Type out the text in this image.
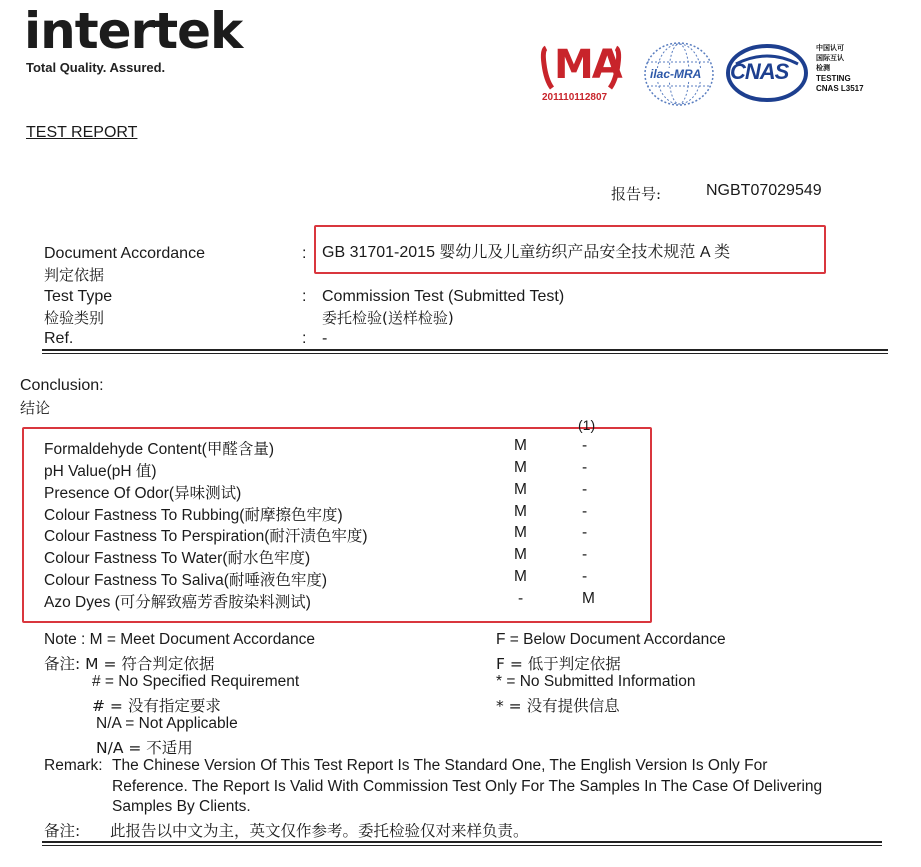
intertek
Total Quality. Assured.	MA
201110112807
ilac-MRA CNAS
中国认可
国际互认
检测
TESTING
CNAS L3517
TEST REPORT
报告号:	NGBT07029549
Document Accordance
判定依据
: GB 31701-2015 婴幼儿及儿童纺织产品安全技术规范 A 类
Test Type
检验类别
: Commission Test (Submitted Test)
委托检验(送样检验)
Ref.	: -
Conclusion:
结论
(1)
Formaldehyde Content(甲醛含量)	M	-
pH Value(pH 值)	M	-
Presence Of Odor(异味测试)	M	-
Colour Fastness To Rubbing(耐摩擦色牢度)	M	-
Colour Fastness To Perspiration(耐汗渍色牢度)	M	-
Colour Fastness To Water(耐水色牢度)	M	-
Colour Fastness To Saliva(耐唾液色牢度)	M	-
Azo Dyes (可分解致癌芳香胺染料测试)	-	M
Note : M = Meet Document Accordance
备注: M = 符合判定依据
# = No Specified Requirement
# = 没有指定要求
N/A = Not Applicable
N/A = 不适用
F = Below Document Accordance
F = 低于判定依据
* = No Submitted Information
* = 没有提供信息
Remark: The Chinese Version Of This Test Report Is The Standard One, The English Version Is Only For
Reference. The Report Is Valid With Commission Test Only For The Samples In The Case Of Delivering
Samples By Clients.
备注: 此报告以中文为主，英文仅作参考。委托检验仅对来样负责。
